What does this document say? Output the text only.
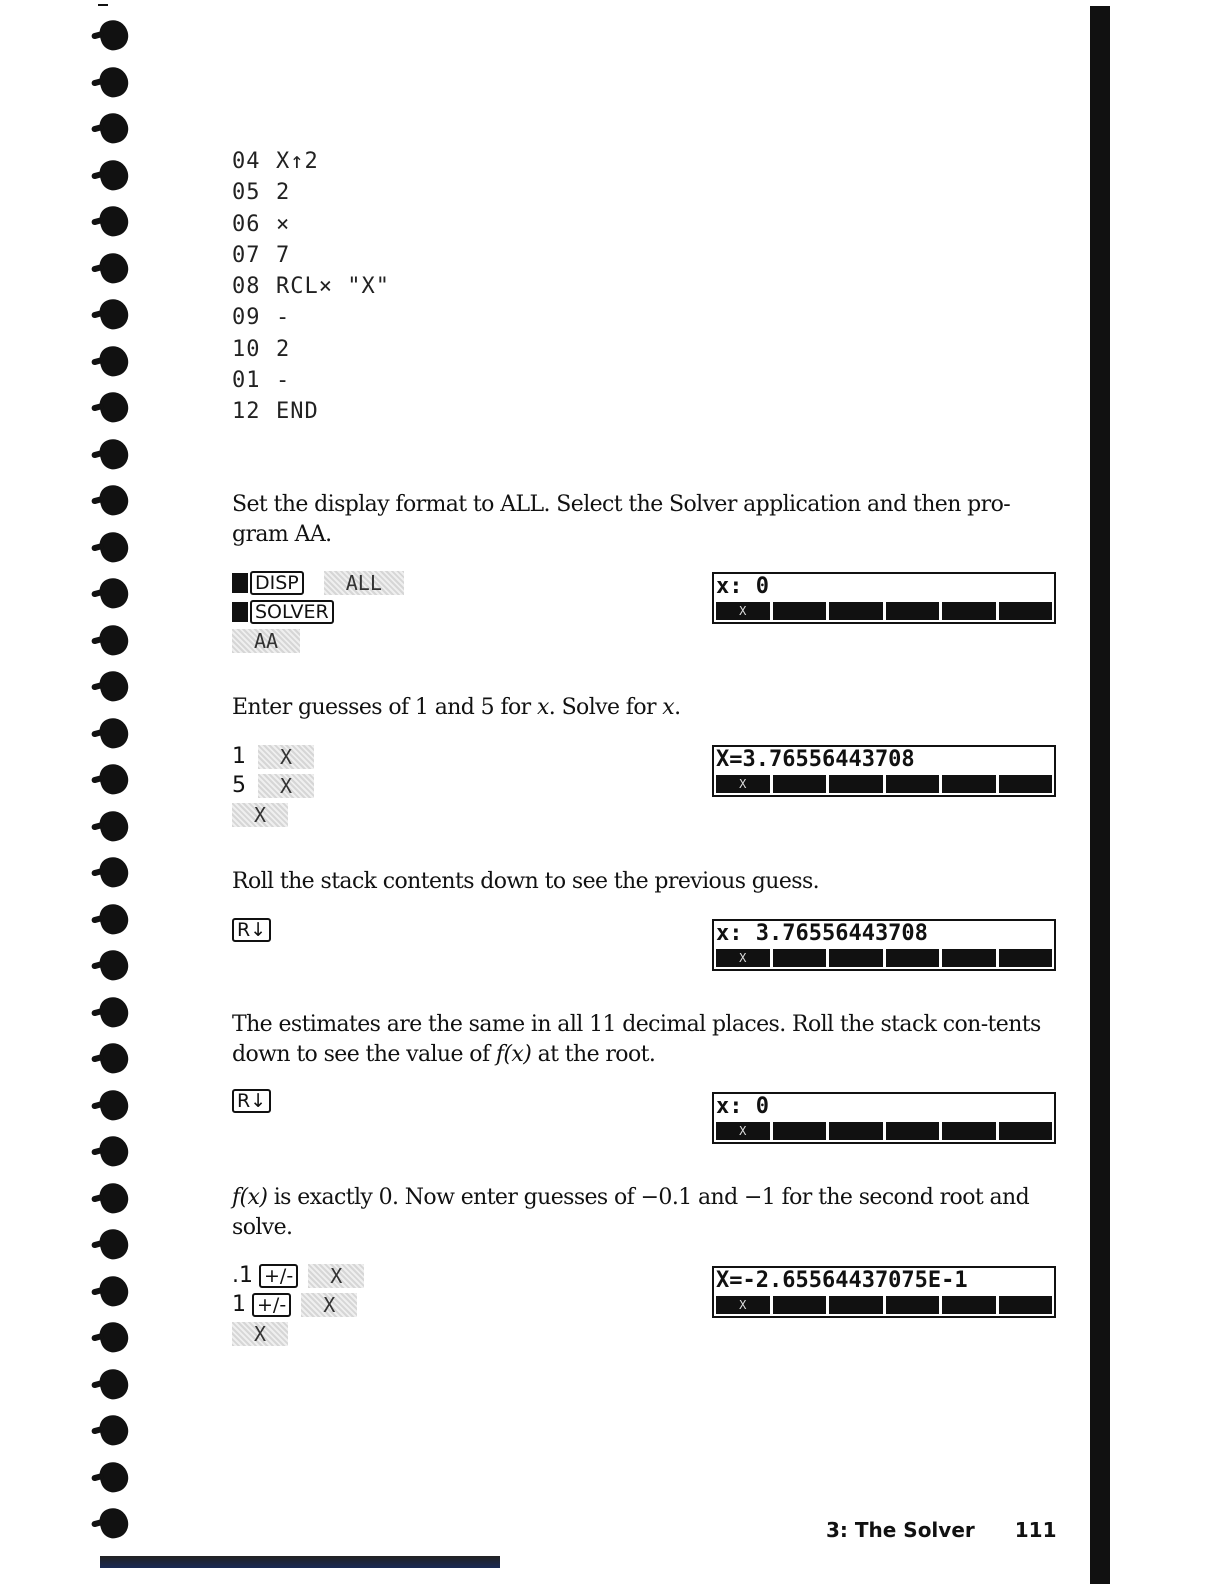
04 X↑2
05 2
06 ×
07 7
08 RCL× "X"
09 -
10 2
01 -
12 END
Set the display format to ALL. Select the Solver application and then pro-gram AA.
DISP	ALL
SOLVER
AA
x: 0
X
Enter guesses of 1 and 5 for x. Solve for x.
1	X
5	X
X
X=3.76556443708
X
Roll the stack contents down to see the previous guess.
R↓	x: 3.76556443708
X
The estimates are the same in all 11 decimal places. Roll the stack con-tents down to see the value of f(x) at the root.
R↓	x: 0
X
f(x) is exactly 0. Now enter guesses of −0.1 and −1 for the second root and solve.
.1 +/-	X
1 +/-	X
X
X=-2.65564437075E-1
X
3: The Solver 111
